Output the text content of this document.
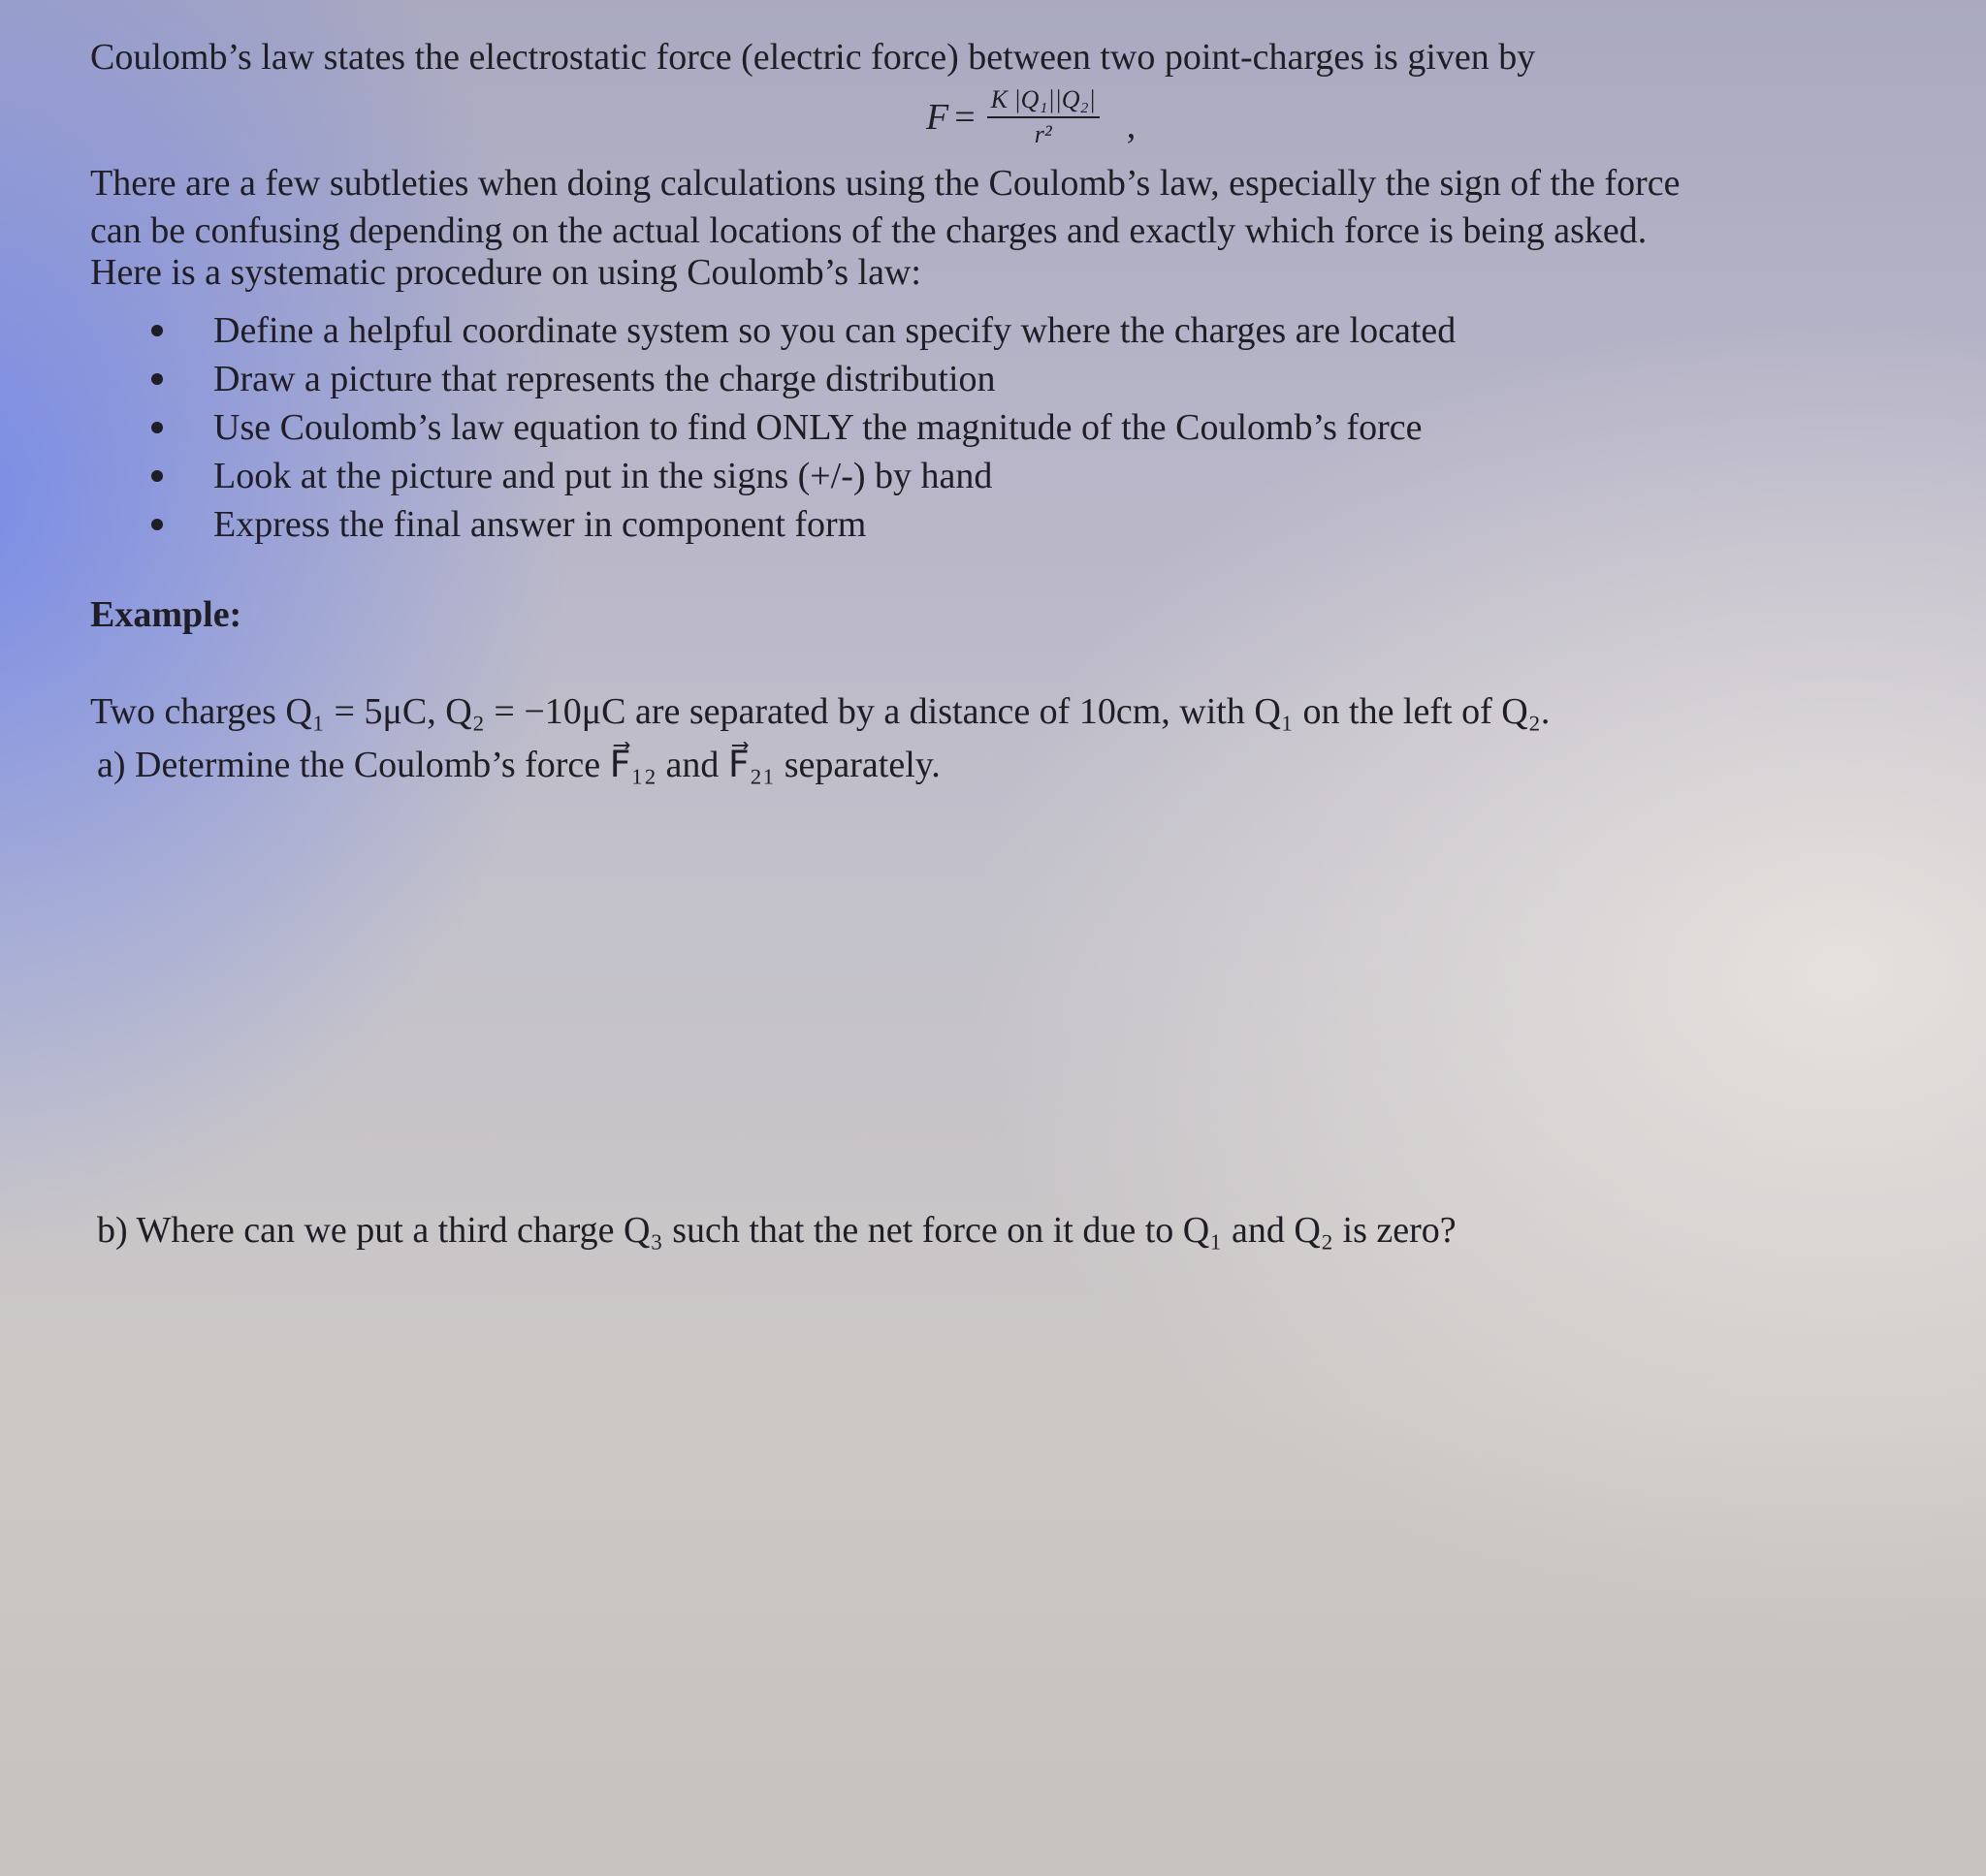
Coulomb’s law states the electrostatic force (electric force) between two point-charges is given by
$F = \frac{\text{K |Q₁||Q₂|}}{\text{r²}}$ ,
There are a few subtleties when doing calculations using the Coulomb’s law, especially the sign of the force
can be confusing depending on the actual locations of the charges and exactly which force is being asked.
Here is a systematic procedure on using Coulomb’s law:
Define a helpful coordinate system so you can specify where the charges are located
Draw a picture that represents the charge distribution
Use Coulomb’s law equation to find ONLY the magnitude of the Coulomb’s force
Look at the picture and put in the signs (+/-) by hand
Express the final answer in component form
Example:
Two charges Q₁ = 5μC, Q₂ = −10μC are separated by a distance of 10cm, with Q₁ on the left of Q₂.
a) Determine the Coulomb’s force F⃗₁₂ and F⃗₂₁ separately.
b) Where can we put a third charge Q₃ such that the net force on it due to Q₁ and Q₂ is zero?
